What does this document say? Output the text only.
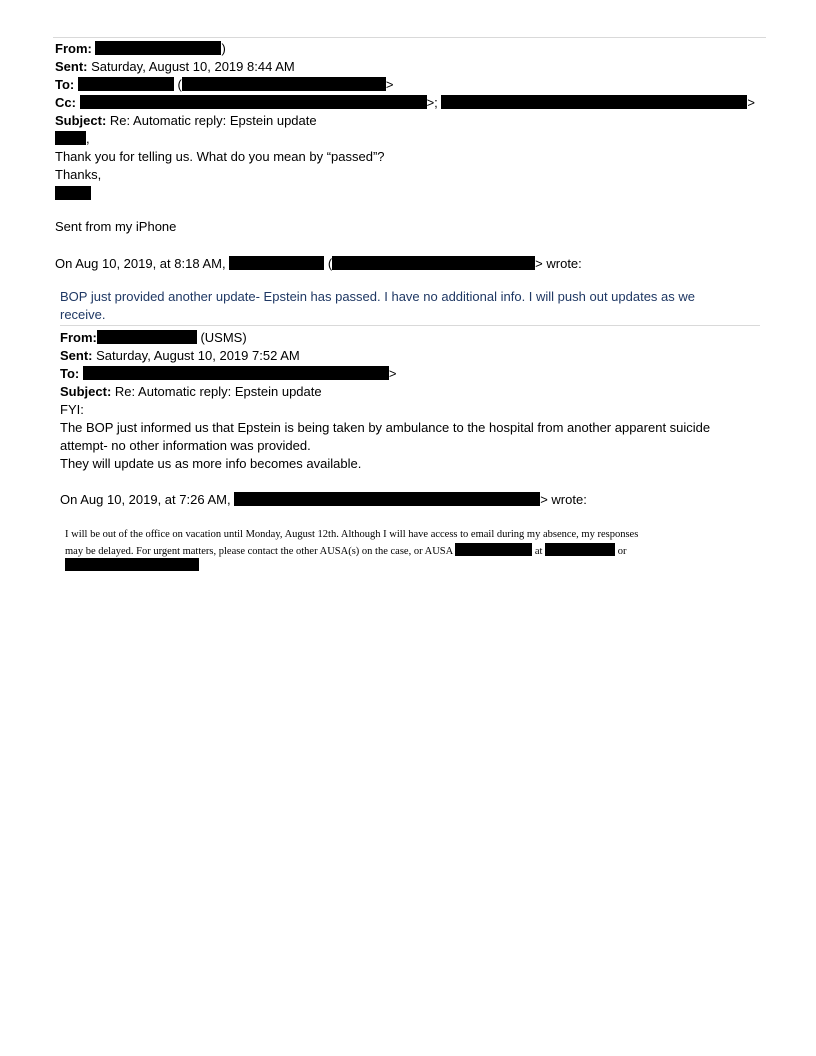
From:	)
Sent: Saturday, August 10, 2019 8:44 AM
To:	(	>
Cc:	>;	>
Subject: Re: Automatic reply: Epstein update
,
Thank you for telling us. What do you mean by “passed”?
Thanks,
Sent from my iPhone
On Aug 10, 2019, at 8:18 AM,	(	> wrote:
BOP just provided another update- Epstein has passed. I have no additional info. I will push out updates as we receive.
From:	(USMS)
Sent: Saturday, August 10, 2019 7:52 AM
To:	>
Subject: Re: Automatic reply: Epstein update
FYI:
The BOP just informed us that Epstein is being taken by ambulance to the hospital from another apparent suicide
attempt- no other information was provided.
They will update us as more info becomes available.
On Aug 10, 2019, at 7:26 AM,	> wrote:
I will be out of the office on vacation until Monday, August 12th. Although I will have access to email during my absence, my responses
may be delayed. For urgent matters, please contact the other AUSA(s) on the case, or AUSA	at	or
